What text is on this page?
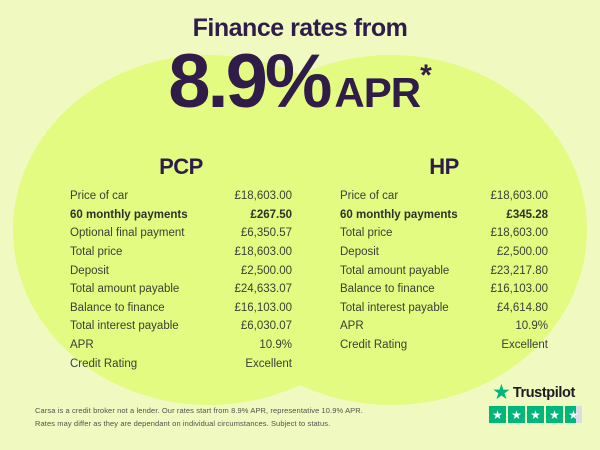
Finance rates from
8.9% APR *
PCP
Price of car	£18,603.00
60 monthly payments	£267.50
Optional final payment	£6,350.57
Total price	£18,603.00
Deposit	£2,500.00
Total amount payable	£24,633.07
Balance to finance	£16,103.00
Total interest payable	£6,030.07
APR	10.9%
Credit Rating	Excellent
HP
Price of car	£18,603.00
60 monthly payments	£345.28
Total price	£18,603.00
Deposit	£2,500.00
Total amount payable	£23,217.80
Balance to finance	£16,103.00
Total interest payable	£4,614.80
APR	10.9%
Credit Rating	Excellent
Carsa is a credit broker not a lender. Our rates start from 8.9% APR, representative 10.9% APR.
Rates may differ as they are dependant on individual circumstances. Subject to status.
★ Trustpilot
★ ★ ★ ★ ★
